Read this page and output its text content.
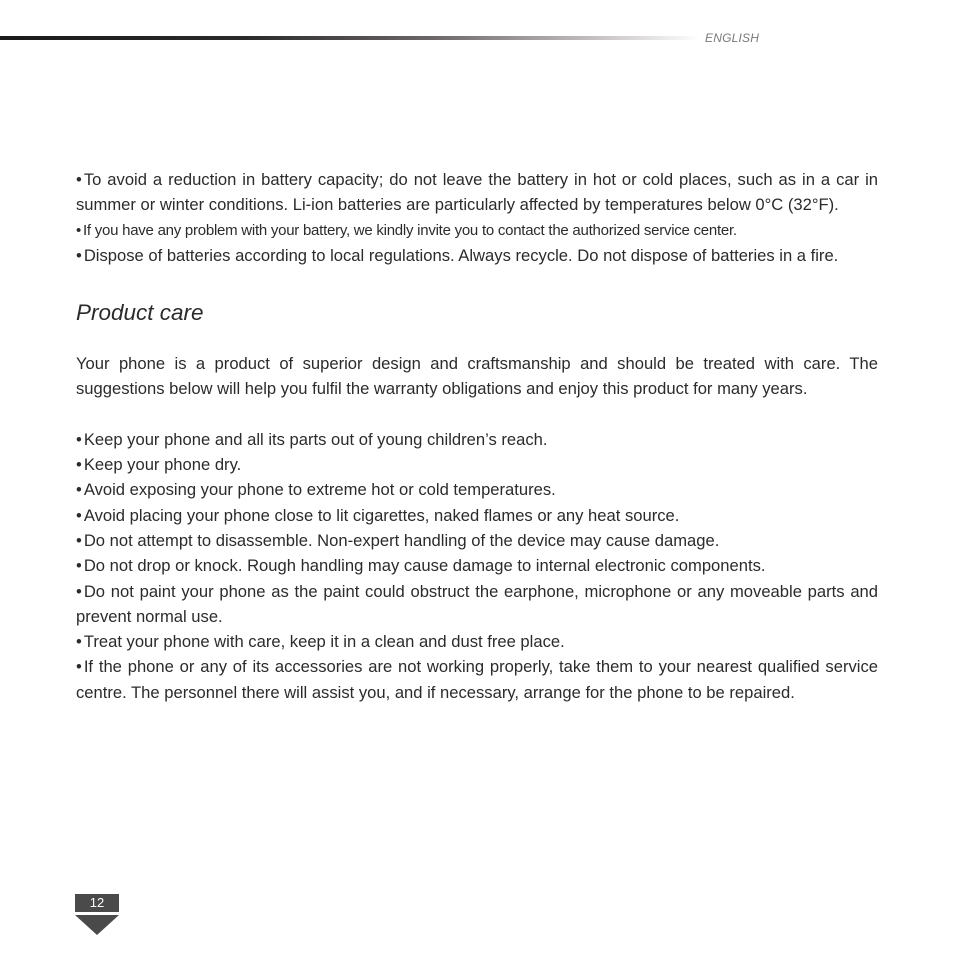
ENGLISH
• To avoid a reduction in battery capacity; do not leave the battery in hot or cold places, such as in a car in summer or winter conditions. Li-ion batteries are particularly affected by temperatures below 0°C (32°F).
• If you have any problem with your battery, we kindly invite you to contact the authorized service center.
• Dispose of batteries according to local regulations. Always recycle. Do not dispose of batteries in a fire.
Product care

Your phone is a product of superior design and craftsmanship and should be treated with care. The suggestions below will help you fulfil the warranty obligations and enjoy this product for many years.

• Keep your phone and all its parts out of young children’s reach.
• Keep your phone dry.
• Avoid exposing your phone to extreme hot or cold temperatures.
• Avoid placing your phone close to lit cigarettes, naked flames or any heat source.
• Do not attempt to disassemble. Non-expert handling of the device may cause damage.
• Do not drop or knock. Rough handling may cause damage to internal electronic components.
• Do not paint your phone as the paint could obstruct the earphone, microphone or any moveable parts and prevent normal use.
• Treat your phone with care, keep it in a clean and dust free place.
• If the phone or any of its accessories are not working properly, take them to your nearest qualified service centre. The personnel there will assist you, and if necessary, arrange for the phone to be repaired.
12
